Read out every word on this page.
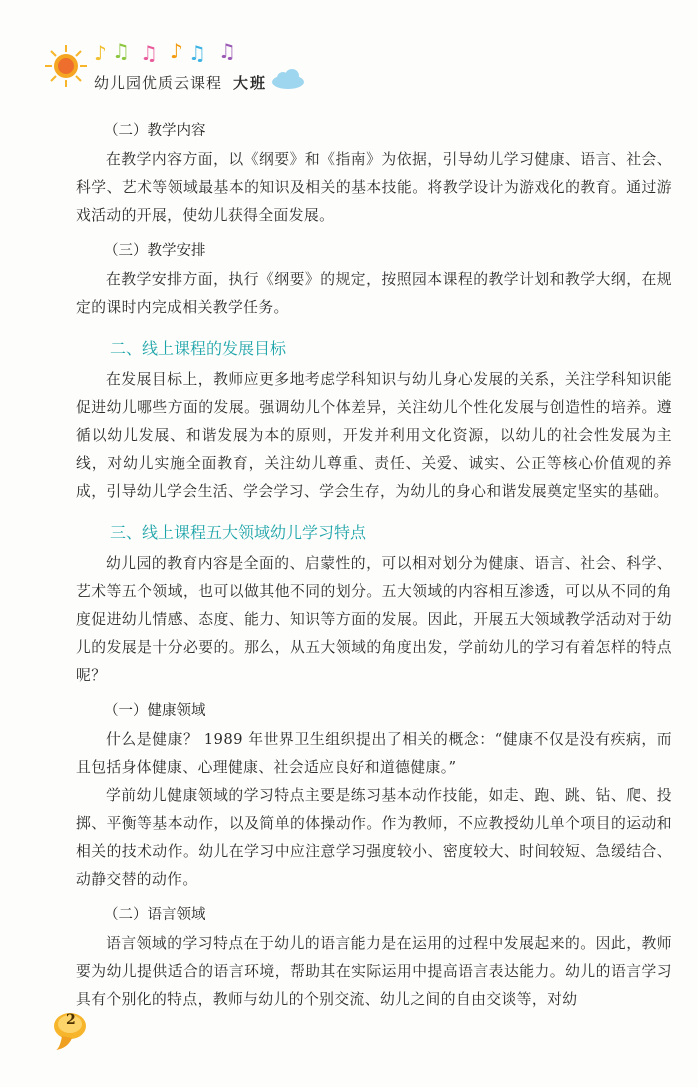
♪ ♫ ♫ ♪ ♫ ♫
幼儿园优质云课程 大班
（二）教学内容

在教学内容方面，以《纲要》和《指南》为依据，引导幼儿学习健康、语言、社会、科学、艺术等领域最基本的知识及相关的基本技能。将教学设计为游戏化的教育。通过游戏活动的开展，使幼儿获得全面发展。

（三）教学安排

在教学安排方面，执行《纲要》的规定，按照园本课程的教学计划和教学大纲，在规定的课时内完成相关教学任务。

二、线上课程的发展目标

在发展目标上，教师应更多地考虑学科知识与幼儿身心发展的关系，关注学科知识能促进幼儿哪些方面的发展。强调幼儿个体差异，关注幼儿个性化发展与创造性的培养。遵循以幼儿发展、和谐发展为本的原则，开发并利用文化资源，以幼儿的社会性发展为主线，对幼儿实施全面教育，关注幼儿尊重、责任、关爱、诚实、公正等核心价值观的养成，引导幼儿学会生活、学会学习、学会生存，为幼儿的身心和谐发展奠定坚实的基础。

三、线上课程五大领域幼儿学习特点

幼儿园的教育内容是全面的、启蒙性的，可以相对划分为健康、语言、社会、科学、艺术等五个领域，也可以做其他不同的划分。五大领域的内容相互渗透，可以从不同的角度促进幼儿情感、态度、能力、知识等方面的发展。因此，开展五大领域教学活动对于幼儿的发展是十分必要的。那么，从五大领域的角度出发，学前幼儿的学习有着怎样的特点呢？

（一）健康领域

什么是健康？ 1989 年世界卫生组织提出了相关的概念：“健康不仅是没有疾病，而且包括身体健康、心理健康、社会适应良好和道德健康。”

学前幼儿健康领域的学习特点主要是练习基本动作技能，如走、跑、跳、钻、爬、投掷、平衡等基本动作，以及简单的体操动作。作为教师，不应教授幼儿单个项目的运动和相关的技术动作。幼儿在学习中应注意学习强度较小、密度较大、时间较短、急缓结合、动静交替的动作。

（二）语言领域

语言领域的学习特点在于幼儿的语言能力是在运用的过程中发展起来的。因此，教师要为幼儿提供适合的语言环境，帮助其在实际运用中提高语言表达能力。幼儿的语言学习具有个别化的特点，教师与幼儿的个别交流、幼儿之间的自由交谈等，对幼

2
